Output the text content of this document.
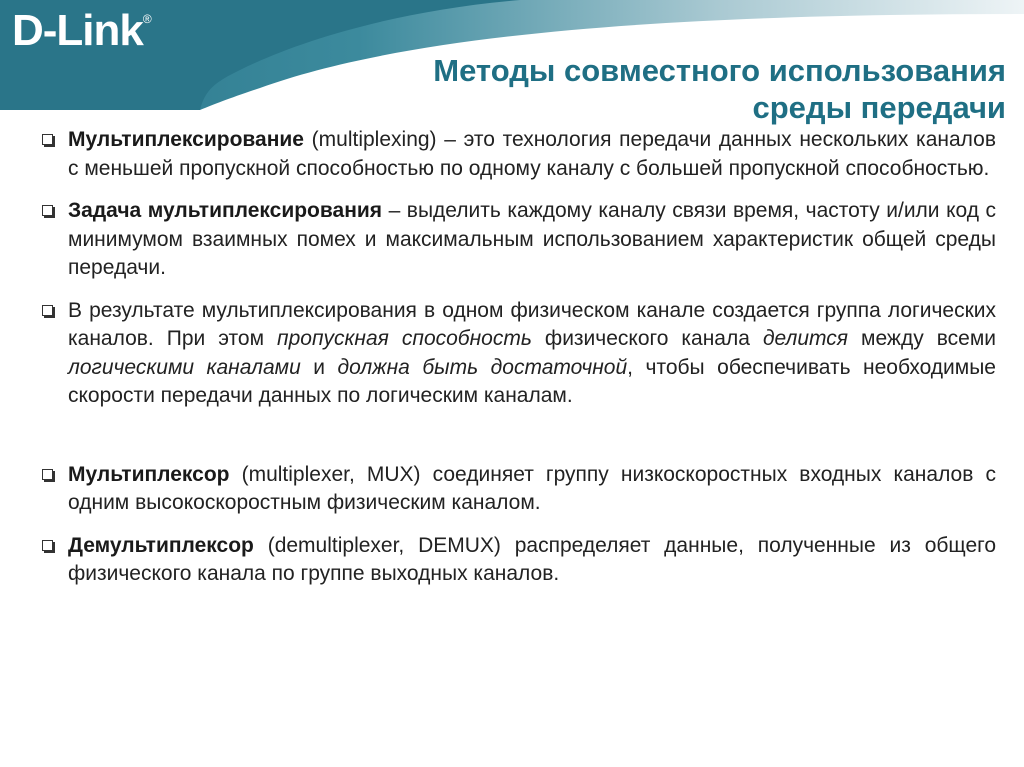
D-Link®
Методы совместного использования
среды передачи
Мультиплексирование (multiplexing) – это технология передачи данных нескольких каналов с меньшей пропускной способностью по одному каналу с большей пропускной способностью.
Задача мультиплексирования – выделить каждому каналу связи время, частоту и/или код с минимумом взаимных помех и максимальным использованием характеристик общей среды передачи.
В результате мультиплексирования в одном физическом канале создается группа логических каналов. При этом пропускная способность физического канала делится между всеми логическими каналами и должна быть достаточной, чтобы обеспечивать необходимые скорости передачи данных по логическим каналам.
Мультиплексор (multiplexer, MUX) соединяет группу низкоскоростных входных каналов с одним высокоскоростным физическим каналом.
Демультиплексор (demultiplexer, DEMUX) распределяет данные, полученные из общего физического канала по группе выходных каналов.
